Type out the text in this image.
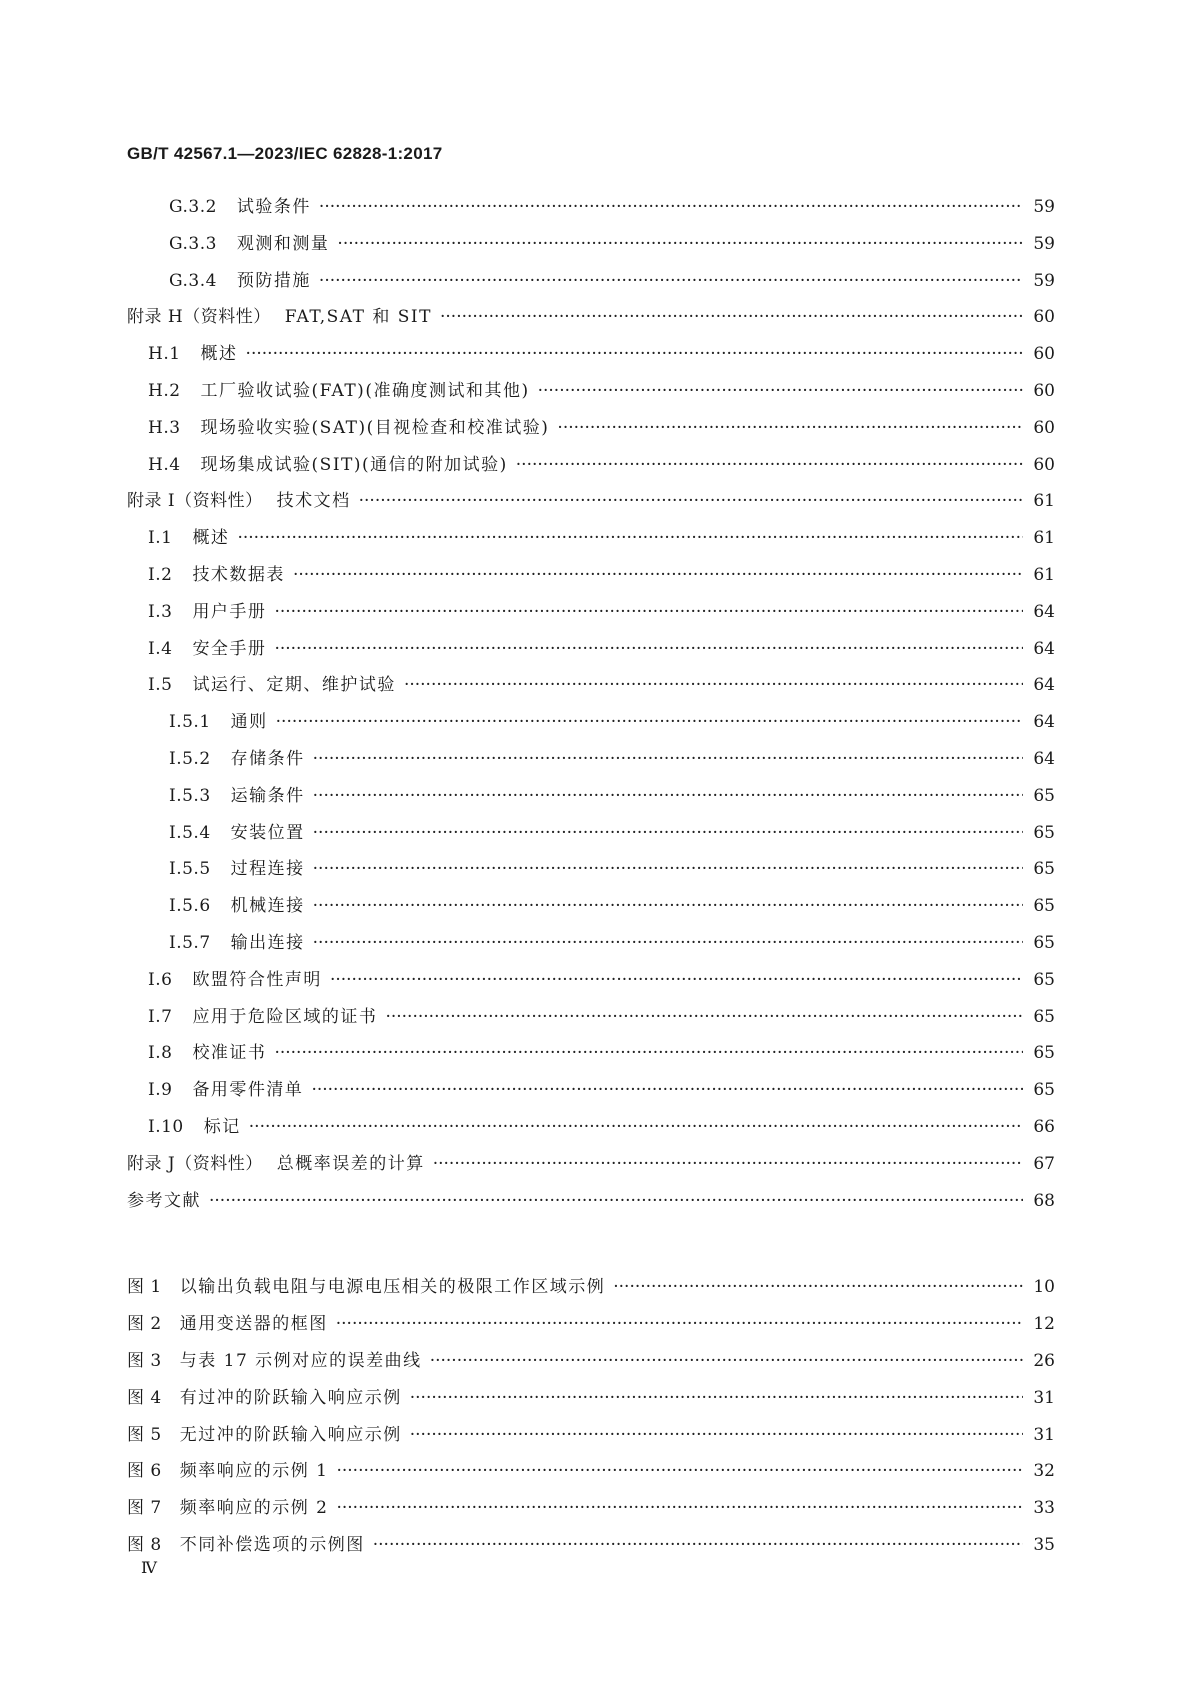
GB/T 42567.1—2023/IEC 62828-1:2017
G.3.2 试验条件 ·····	59
G.3.3 观测和测量 ·····	59
G.3.4 预防措施 ·····	59
附录 H（资料性） FAT,SAT 和 SIT ·····	60
H.1 概述 ·····	60
H.2 工厂验收试验(FAT)(准确度测试和其他) ·····	60
H.3 现场验收实验(SAT)(目视检查和校准试验) ·····	60
H.4 现场集成试验(SIT)(通信的附加试验) ·····	60
附录 I（资料性） 技术文档 ·····	61
I.1 概述 ·····	61
I.2 技术数据表 ·····	61
I.3 用户手册 ·····	64
I.4 安全手册 ·····	64
I.5 试运行、定期、维护试验 ·····	64
I.5.1 通则 ·····	64
I.5.2 存储条件 ·····	64
I.5.3 运输条件 ·····	65
I.5.4 安装位置 ·····	65
I.5.5 过程连接 ·····	65
I.5.6 机械连接 ·····	65
I.5.7 输出连接 ·····	65
I.6 欧盟符合性声明 ·····	65
I.7 应用于危险区域的证书 ·····	65
I.8 校准证书 ·····	65
I.9 备用零件清单 ·····	65
I.10 标记 ·····	66
附录 J（资料性） 总概率误差的计算 ·····	67
参考文献 ·····	68
图 1 以输出负载电阻与电源电压相关的极限工作区域示例 ·····	10
图 2 通用变送器的框图 ·····	12
图 3 与表 17 示例对应的误差曲线 ·····	26
图 4 有过冲的阶跃输入响应示例 ·····	31
图 5 无过冲的阶跃输入响应示例 ·····	31
图 6 频率响应的示例 1 ·····	32
图 7 频率响应的示例 2 ·····	33
图 8 不同补偿选项的示例图 ·····	35
Ⅳ
